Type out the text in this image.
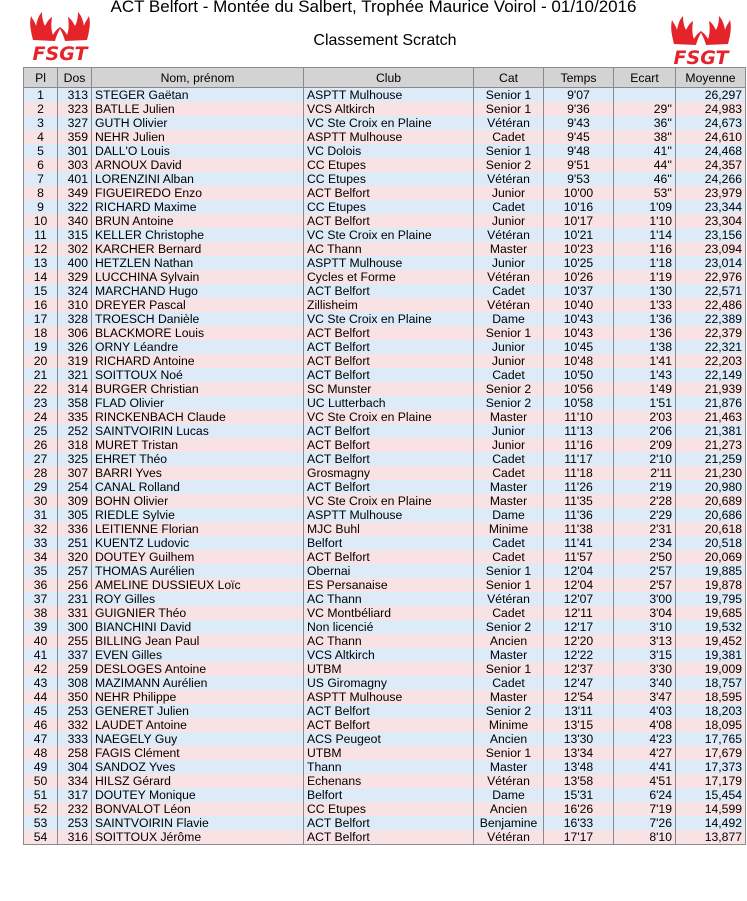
ACT Belfort - Montée du Salbert, Trophée Maurice Voirol - 01/10/2016
Classement Scratch
FSGT	FSGT
Pl	Dos	Nom, prénom	Club	Cat	Temps	Ecart	Moyenne
1	313	STEGER Gaëtan	ASPTT Mulhouse	Senior 1	9'07		26,297
2	323	BATLLE Julien	VCS Altkirch	Senior 1	9'36	29''	24,983
3	327	GUTH Olivier	VC Ste Croix en Plaine	Vétéran	9'43	36''	24,673
4	359	NEHR Julien	ASPTT Mulhouse	Cadet	9'45	38''	24,610
5	301	DALL'O Louis	VC Dolois	Senior 1	9'48	41''	24,468
6	303	ARNOUX David	CC Etupes	Senior 2	9'51	44''	24,357
7	401	LORENZINI Alban	CC Etupes	Vétéran	9'53	46''	24,266
8	349	FIGUEIREDO Enzo	ACT Belfort	Junior	10'00	53''	23,979
9	322	RICHARD Maxime	CC Etupes	Cadet	10'16	1'09	23,344
10	340	BRUN Antoine	ACT Belfort	Junior	10'17	1'10	23,304
11	315	KELLER Christophe	VC Ste Croix en Plaine	Vétéran	10'21	1'14	23,156
12	302	KARCHER Bernard	AC Thann	Master	10'23	1'16	23,094
13	400	HETZLEN Nathan	ASPTT Mulhouse	Junior	10'25	1'18	23,014
14	329	LUCCHINA Sylvain	Cycles et Forme	Vétéran	10'26	1'19	22,976
15	324	MARCHAND Hugo	ACT Belfort	Cadet	10'37	1'30	22,571
16	310	DREYER Pascal	Zillisheim	Vétéran	10'40	1'33	22,486
17	328	TROESCH Danièle	VC Ste Croix en Plaine	Dame	10'43	1'36	22,389
18	306	BLACKMORE Louis	ACT Belfort	Senior 1	10'43	1'36	22,379
19	326	ORNY Léandre	ACT Belfort	Junior	10'45	1'38	22,321
20	319	RICHARD Antoine	ACT Belfort	Junior	10'48	1'41	22,203
21	321	SOITTOUX Noé	ACT Belfort	Cadet	10'50	1'43	22,149
22	314	BURGER Christian	SC Munster	Senior 2	10'56	1'49	21,939
23	358	FLAD Olivier	UC Lutterbach	Senior 2	10'58	1'51	21,876
24	335	RINCKENBACH Claude	VC Ste Croix en Plaine	Master	11'10	2'03	21,463
25	252	SAINTVOIRIN Lucas	ACT Belfort	Junior	11'13	2'06	21,381
26	318	MURET Tristan	ACT Belfort	Junior	11'16	2'09	21,273
27	325	EHRET Théo	ACT Belfort	Cadet	11'17	2'10	21,259
28	307	BARRI Yves	Grosmagny	Cadet	11'18	2'11	21,230
29	254	CANAL Rolland	ACT Belfort	Master	11'26	2'19	20,980
30	309	BOHN Olivier	VC Ste Croix en Plaine	Master	11'35	2'28	20,689
31	305	RIEDLE Sylvie	ASPTT Mulhouse	Dame	11'36	2'29	20,686
32	336	LEITIENNE Florian	MJC Buhl	Minime	11'38	2'31	20,618
33	251	KUENTZ Ludovic	Belfort	Cadet	11'41	2'34	20,518
34	320	DOUTEY Guilhem	ACT Belfort	Cadet	11'57	2'50	20,069
35	257	THOMAS Aurélien	Obernai	Senior 1	12'04	2'57	19,885
36	256	AMELINE DUSSIEUX Loïc	ES Persanaise	Senior 1	12'04	2'57	19,878
37	231	ROY Gilles	AC Thann	Vétéran	12'07	3'00	19,795
38	331	GUIGNIER Théo	VC Montbéliard	Cadet	12'11	3'04	19,685
39	300	BIANCHINI David	Non licencié	Senior 2	12'17	3'10	19,532
40	255	BILLING Jean Paul	AC Thann	Ancien	12'20	3'13	19,452
41	337	EVEN Gilles	VCS Altkirch	Master	12'22	3'15	19,381
42	259	DESLOGES Antoine	UTBM	Senior 1	12'37	3'30	19,009
43	308	MAZIMANN Aurélien	US Giromagny	Cadet	12'47	3'40	18,757
44	350	NEHR Philippe	ASPTT Mulhouse	Master	12'54	3'47	18,595
45	253	GENERET Julien	ACT Belfort	Senior 2	13'11	4'03	18,203
46	332	LAUDET Antoine	ACT Belfort	Minime	13'15	4'08	18,095
47	333	NAEGELY Guy	ACS Peugeot	Ancien	13'30	4'23	17,765
48	258	FAGIS Clément	UTBM	Senior 1	13'34	4'27	17,679
49	304	SANDOZ Yves	Thann	Master	13'48	4'41	17,373
50	334	HILSZ Gérard	Echenans	Vétéran	13'58	4'51	17,179
51	317	DOUTEY Monique	Belfort	Dame	15'31	6'24	15,454
52	232	BONVALOT Léon	CC Etupes	Ancien	16'26	7'19	14,599
53	253	SAINTVOIRIN Flavie	ACT Belfort	Benjamine	16'33	7'26	14,492
54	316	SOITTOUX Jérôme	ACT Belfort	Vétéran	17'17	8'10	13,877
